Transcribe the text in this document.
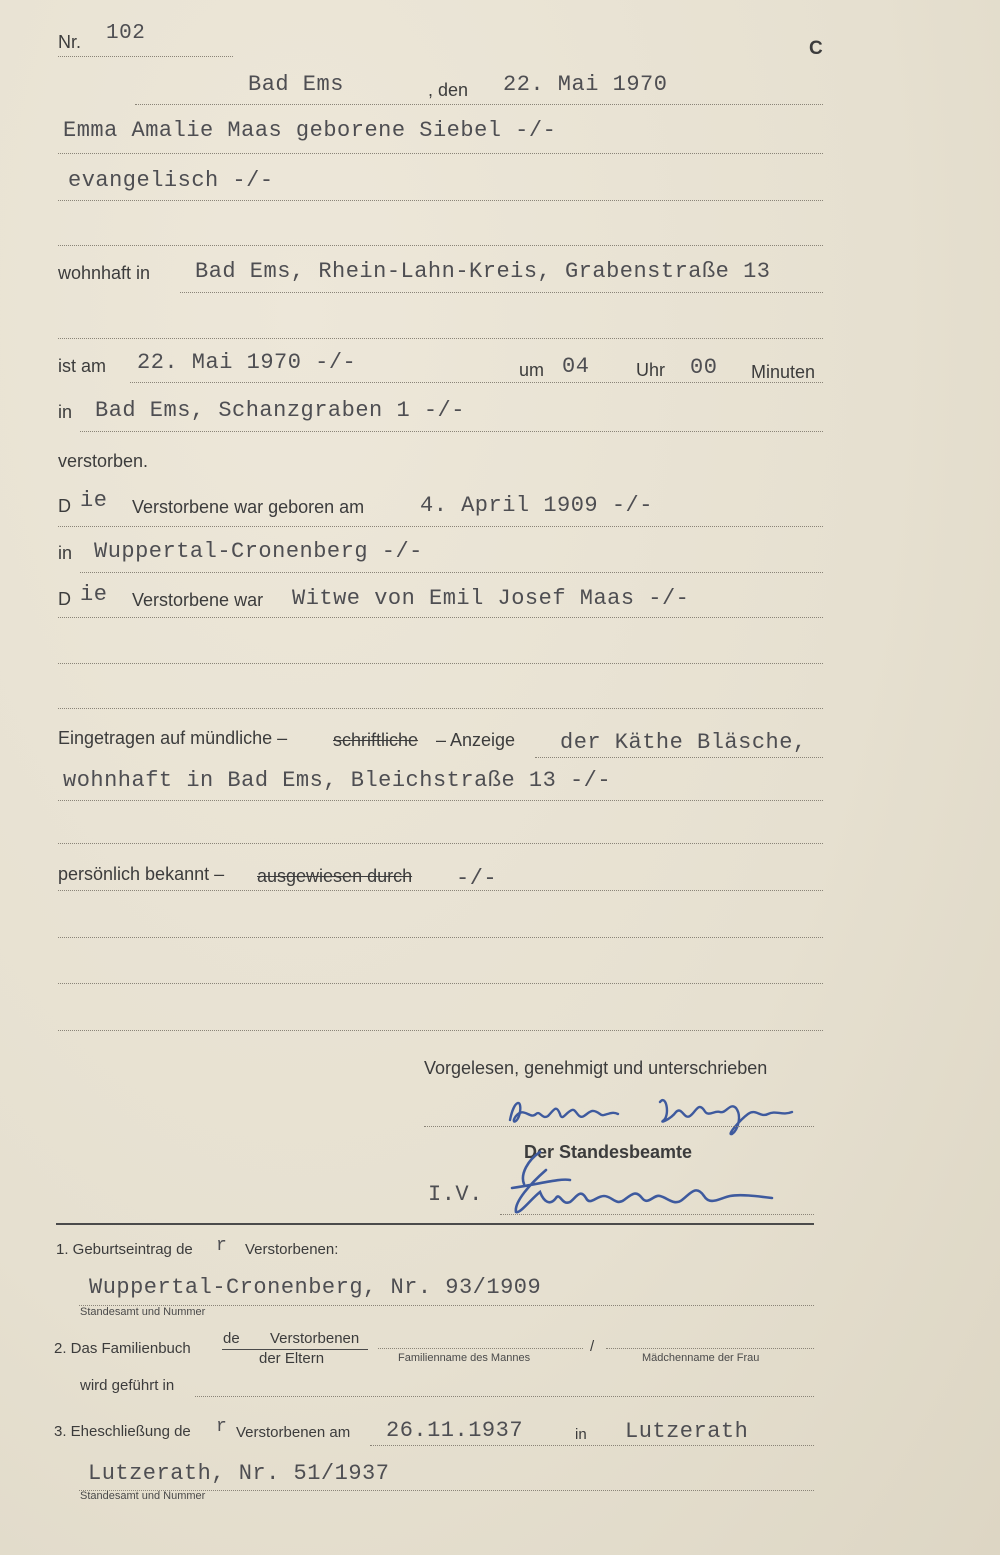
Nr. 102
C
Bad Ems	, den 22. Mai 1970
Emma Amalie Maas geborene Siebel -/-
evangelisch -/-
wohnhaft in Bad Ems, Rhein-Lahn-Kreis, Grabenstraße 13
ist am 22. Mai 1970 -/-	um 04	Uhr 00 Minuten
in Bad Ems, Schanzgraben 1 -/-
verstorben.
D ie Verstorbene war geboren am	4. April 1909 -/-
in Wuppertal-Cronenberg -/-
D ie Verstorbene war Witwe von Emil Josef Maas -/-
Eingetragen auf mündliche –	schriftliche – Anzeige der Käthe Bläsche,
wohnhaft in Bad Ems, Bleichstraße 13 -/-
persönlich bekannt – ausgewiesen durch -/-
Vorgelesen, genehmigt und unterschrieben
Der Standesbeamte
I.V.
1. Geburtseintrag de r Verstorbenen:
Wuppertal-Cronenberg, Nr. 93/1909
Standesamt und Nummer
2. Das Familienbuch
de Verstorbenen
der Eltern	Familienname des Mannes
/
Mädchenname der Frau
wird geführt in
3. Eheschließung de r Verstorbenen am 26.11.1937	in Lutzerath
Lutzerath, Nr. 51/1937
Standesamt und Nummer
